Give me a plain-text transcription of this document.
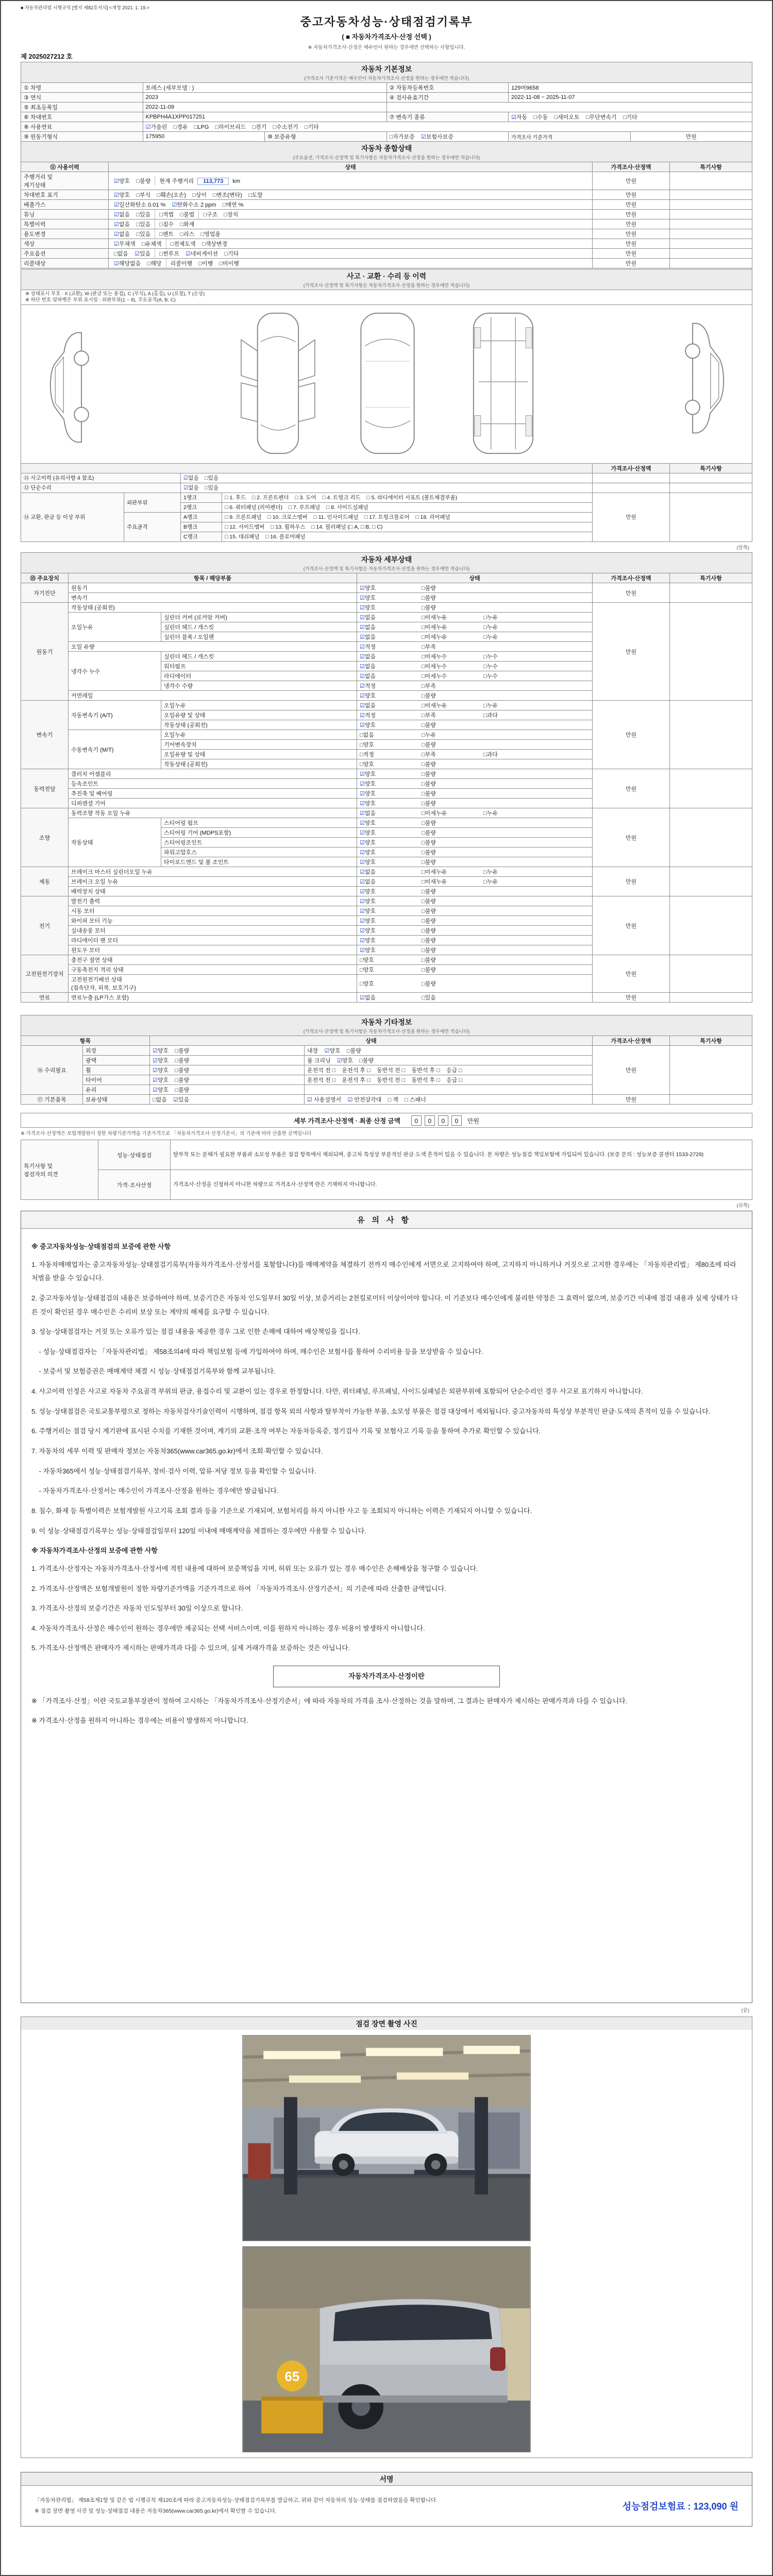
■ 자동차관리법 시행규칙 [별지 제82호서식] <개정 2021. 1. 19.>
중고자동차성능·상태점검기록부
( ■ 자동차가격조사·산정 선택 )
※ 자동차가격조사·산정은 매수인이 원하는 경우에만 선택하는 사항입니다.
제 2025027212 호
자동차 기본정보
(가격조사 기준가격은 매수인이 자동차가격조사·산정을 원하는 경우에만 적습니다)
① 차명	토레스 (세부모델 : )		② 자동차등록번호	129머9658	
③ 연식	2023		④ 검사유효기간	2022-11-08 ~ 2025-11-07	
⑤ 최초등록일	2022-11-09				
⑥ 차대번호	KPBPH4A1XPP017251		⑦ 변속기 종류	☑자동    □수동    □세미오토    □무단변속기    □기타	
⑧ 사용연료	☑가솔린    □경유    □LPG    □하이브리드    □전기    □수소전기    □기타				
⑨ 원동기형식	175950	⑩ 보증유형	□자가보증    ☑보험사보증	가격조사 기준가격	만원
자동차 종합상태
(주요옵션, 가격조사·산정액 및 특기사항은 자동차가격조사·산정을 원하는 경우에만 적습니다)
⑪ 사용이력	상태	가격조사·산정액	특기사항
주행거리 및
계기상태	☑양호    □불량 현재 주행거리 113,773 km	만원	
차대번호 표기	☑양호    □부식    □훼손(오손)    □상이    □변조(변타)    □도말	만원	
배출가스	☑일산화탄소 0.01 %    ☑탄화수소 2 ppm    □매연 %	만원	
튜닝	☑없음    □있음 □적법    □불법 □구조    □장치	만원	
특별이력	☑없음    □있음 □침수    □화재	만원	
용도변경	☑없음    □있음 □렌트    □리스    □영업용	만원	
색상	☑무채색    □유채색 □전체도색    □색상변경	만원	
주요옵션	□없음    ☑있음 □썬루프    ☑네비게이션    □기타	만원	
리콜대상	☑해당없음    □해당 리콜이행    □이행    □미이행	만원	
사고 · 교환 · 수리 등 이력
(가격조사·산정액 및 특기사항은 자동차가격조사·산정을 원하는 경우에만 적습니다)
※ 상태표시 부호 : X (교환), W (판금 또는 용접), C (부식), A (흠집), U (요철), T (손상)
※ 하단 번호·알파벳은 부위 표시임 : 외판부위(1 ~ 8), 주요골격(A, B, C)
				가격조사·산정액	특기사항
⑫ 사고이력 (유의사항 4 참조)		☑없음    □있음			
⑬ 단순수리		☑없음    □있음			
⑭ 교환, 판금 등 이상 부위	외판부위	1랭크	□ 1. 후드    □ 2. 프론트펜더    □ 3. 도어    □ 4. 트렁크 리드    □ 5. 라디에이터 서포트 (볼트체결부품)	만원	
		2랭크	□ 6. 쿼터패널 (리어펜더)    □ 7. 루프패널    □ 8. 사이드실패널		
	주요골격	A랭크	□ 9. 프론트패널    □ 10. 크로스멤버    □ 11. 인사이드패널    □ 17. 트렁크플로어    □ 18. 리어패널		
		B랭크	□ 12. 사이드멤버    □ 13. 휠하우스    □ 14. 필러패널 (□ A, □ B, □ C)		
		C랭크	□ 15. 대쉬패널    □ 16. 플로어패널		
(앞쪽)
자동차 세부상태
(가격조사·산정액 및 특기사항은 자동차가격조사·산정을 원하는 경우에만 적습니다)
⑮ 주요장치	항목 / 해당부품		상태	가격조사·산정액	특기사항
자기진단	원동기		☑양호 □불량	만원	
	변속기		☑양호 □불량		
원동기	작동상태 (공회전)		☑양호 □불량	만원	
	오일누유	실린더 커버 (로커암 커버)	☑없음 □미세누유 □누유		
		실린더 헤드 / 개스킷	☑없음 □미세누유 □누유		
		실린더 블록 / 오일팬	☑없음 □미세누유 □누유		
	오일 유량		☑적정 □부족		
	냉각수 누수	실린더 헤드 / 개스킷	☑없음 □미세누수 □누수		
		워터펌프	☑없음 □미세누수 □누수		
		라디에이터	☑없음 □미세누수 □누수		
		냉각수 수량	☑적정 □부족		
	커먼레일		☑양호 □불량		
변속기	자동변속기 (A/T)	오일누유	☑없음 □미세누유 □누유	만원	
		오일유량 및 상태	☑적정 □부족 □과다		
		작동상태 (공회전)	☑양호 □불량		
	수동변속기 (M/T)	오일누유	□없음 □누유		
		기어변속장치	□양호 □불량		
		오일유량 및 상태	□적정 □부족 □과다		
		작동상태 (공회전)	□양호 □불량		
동력전달	클러치 어셈블리		☑양호 □불량	만원	
	등속조인트		☑양호 □불량		
	추진축 및 베어링		☑양호 □불량		
	디퍼렌셜 기어		☑양호 □불량		
조향	동력조향 작동 오일 누유		☑없음 □미세누유 □누유	만원	
	작동상태	스티어링 펌프	☑양호 □불량		
		스티어링 기어 (MDPS포함)	☑양호 □불량		
		스티어링조인트	☑양호 □불량		
		파워고압호스	☑양호 □불량		
		타이로드엔드 및 볼 조인트	☑양호 □불량		
제동	브레이크 마스터 실린더오일 누유		☑없음 □미세누유 □누유	만원	
	브레이크 오일 누유		☑없음 □미세누유 □누유		
	배력장치 상태		☑양호 □불량		
전기	발전기 출력		☑양호 □불량	만원	
	시동 모터		☑양호 □불량		
	와이퍼 모터 기능		☑양호 □불량		
	실내송풍 모터		☑양호 □불량		
	라디에이터 팬 모터		☑양호 □불량		
	윈도우 모터		☑양호 □불량		
고전원전기장치	충전구 절연 상태		□양호 □불량	만원	
	구동축전지 격리 상태		□양호 □불량		
	고전원전기배선 상태
(접속단자, 피복, 보호기구)		□양호 □불량		
연료	연료누출 (LP가스 포함)		☑없음 □있음	만원	
자동차 기타정보
(가격조사·산정액 및 특기사항은 자동차가격조사·산정을 원하는 경우에만 적습니다)
항목		상태		가격조사·산정액	특기사항
⑯ 수리필요	외장	☑양호    □불량	내장    ☑양호    □불량	만원	
	광택	☑양호    □불량	룸 크리닝    ☑양호    □불량		
	휠	☑양호    □불량	운전석 전 □    운전석 후 □    동반석 전 □    동반석 후 □    응급 □		
	타이어	☑양호    □불량	운전석 전 □    운전석 후 □    동반석 전 □    동반석 후 □    응급 □		
	유리	☑양호    □불량			
⑰ 기본품목	보유상태	□없음    ☑있음	☑ 사용설명서    ☑ 안전삼각대    □ 잭    □ 스패너	만원	
세부 가격조사·산정액 · 최종 산정 금액 0 0 0 0 만원
※ 가격조사·산정액은 보험개발원이 정한 차량기준가액을 기준가격으로 「자동차가격조사·산정기준서」의 기준에 따라 산출한 금액입니다
특기사항 및
점검자의 의견	성능·상태점검	탈부착 또는 분해가 필요한 부품과 소모성 부품은 점검 항목에서 제외되며, 중고차 특성상 부분적인 판금·도색 흔적이 있을 수 있습니다. 본 차량은 성능점검 책임보험에 가입되어 있습니다. (보증 문의 : 성능보증 콜센터 1533-2729)
	가격·조사산정	가격조사·산정을 신청하지 아니한 차량으로 가격조사·산정액 란은 기재하지 아니합니다.
(뒤쪽)
유의사항
※ 중고자동차성능·상태점검의 보증에 관한 사항

1. 자동차매매업자는 중고자동차성능·상태점검기록부(자동차가격조사·산정서를 포함합니다)를 매매계약을 체결하기 전까지 매수인에게 서면으로 고지하여야 하며, 고지하지 아니하거나 거짓으로 고지한 경우에는 「자동차관리법」 제80조에 따라 처벌을 받을 수 있습니다.

2. 중고자동차성능·상태점검의 내용은 보증하여야 하며, 보증기간은 자동차 인도일부터 30일 이상, 보증거리는 2천킬로미터 이상이어야 합니다. 이 기준보다 매수인에게 불리한 약정은 그 효력이 없으며, 보증기간 이내에 점검 내용과 실제 상태가 다른 것이 확인된 경우 매수인은 수리비 보상 또는 계약의 해제를 요구할 수 있습니다.

3. 성능·상태점검자는 거짓 또는 오류가 있는 점검 내용을 제공한 경우 그로 인한 손해에 대하여 배상책임을 집니다.

- 성능·상태점검자는 「자동차관리법」 제58조의4에 따라 책임보험 등에 가입하여야 하며, 매수인은 보험사를 통하여 수리비용 등을 보상받을 수 있습니다.

- 보증서 및 보험증권은 매매계약 체결 시 성능·상태점검기록부와 함께 교부됩니다.

4. 사고이력 인정은 사고로 자동차 주요골격 부위의 판금, 용접수리 및 교환이 있는 경우로 한정합니다. 다만, 쿼터패널, 루프패널, 사이드실패널은 외판부위에 포함되어 단순수리인 경우 사고로 표기하지 아니합니다.

5. 성능·상태점검은 국토교통부령으로 정하는 자동차검사기술인력이 시행하며, 점검 항목 외의 사항과 탈부착이 가능한 부품, 소모성 부품은 점검 대상에서 제외됩니다. 중고자동차의 특성상 부분적인 판금·도색의 흔적이 있을 수 있습니다.

6. 주행거리는 점검 당시 계기판에 표시된 수치를 기재한 것이며, 계기의 교환·조작 여부는 자동차등록증, 정기검사 기록 및 보험사고 기록 등을 통하여 추가로 확인할 수 있습니다.

7. 자동차의 세부 이력 및 판매자 정보는 자동차365(www.car365.go.kr)에서 조회·확인할 수 있습니다.

- 자동차365에서 성능·상태점검기록부, 정비·검사 이력, 압류·저당 정보 등을 확인할 수 있습니다.

- 자동차가격조사·산정서는 매수인이 가격조사·산정을 원하는 경우에만 발급됩니다.

8. 침수, 화재 등 특별이력은 보험개발원 사고기록 조회 결과 등을 기준으로 기재되며, 보험처리를 하지 아니한 사고 등 조회되지 아니하는 이력은 기재되지 아니할 수 있습니다.

9. 이 성능·상태점검기록부는 성능·상태점검일부터 120일 이내에 매매계약을 체결하는 경우에만 사용할 수 있습니다.

※ 자동차가격조사·산정의 보증에 관한 사항

1. 가격조사·산정자는 자동차가격조사·산정서에 적힌 내용에 대하여 보증책임을 지며, 허위 또는 오류가 있는 경우 매수인은 손해배상을 청구할 수 있습니다.

2. 가격조사·산정액은 보험개발원이 정한 차량기준가액을 기준가격으로 하여 「자동차가격조사·산정기준서」의 기준에 따라 산출한 금액입니다.

3. 가격조사·산정의 보증기간은 자동차 인도일부터 30일 이상으로 합니다.

4. 자동차가격조사·산정은 매수인이 원하는 경우에만 제공되는 선택 서비스이며, 이를 원하지 아니하는 경우 비용이 발생하지 아니합니다.

5. 가격조사·산정액은 판매자가 제시하는 판매가격과 다를 수 있으며, 실제 거래가격을 보증하는 것은 아닙니다.

자동차가격조사·산정이란

※ 「가격조사·산정」이란 국토교통부장관이 정하여 고시하는 「자동차가격조사·산정기준서」에 따라 자동차의 가격을 조사·산정하는 것을 말하며, 그 결과는 판매자가 제시하는 판매가격과 다를 수 있습니다.

※ 가격조사·산정을 원하지 아니하는 경우에는 비용이 발생하지 아니합니다.

(끝)
점검 장면 촬영 사진
65
서명
「자동차관리법」 제58조제1항 및 같은 법 시행규칙 제120조에 따라 중고자동차성능·상태점검기록부를 발급하고, 위와 같이 자동차의 성능·상태를 점검하였음을 확인합니다.
※ 점검 장면 촬영 사진 및 성능·상태점검 내용은 자동차365(www.car365.go.kr)에서 확인할 수 있습니다.	성능점검보험료 : 123,090 원
